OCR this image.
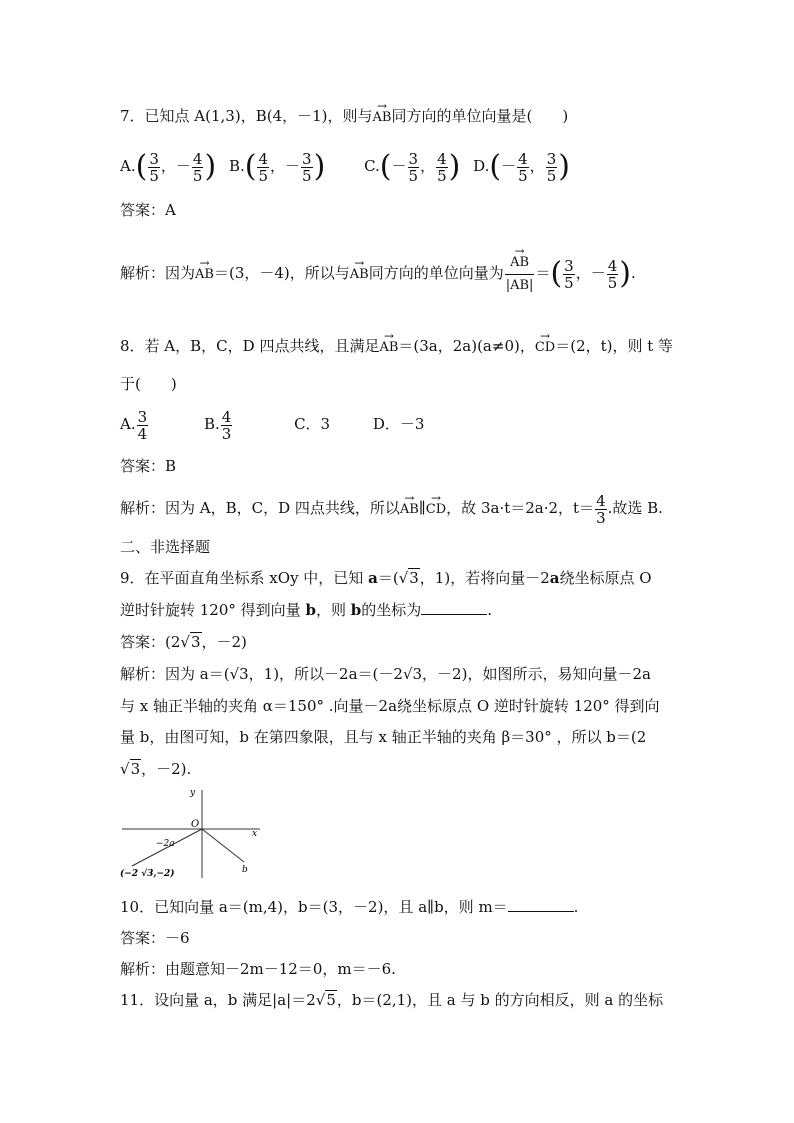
7．已知点 A(1,3)，B(4，－1)，则与→ AB同方向的单位向量是(　　)
$A.( \frac{3}{5}$ ，－ $\frac{4}{5}$ ) $B.( \frac{4}{5}$ ，－ $\frac{3}{5}$ )	$C.(- \frac{3}{5}$ ， $\frac{4}{5}$ ) $D.(- \frac{4}{5}$ ， $\frac{3}{5}$ )
答案：A
解析：因为→ AB＝(3，－4)，所以与→ AB同方向的单位向量为
→ $\frac{AB}{|AB|}$ ＝( $\frac{3}{5}$ ，－ $\frac{4}{5}$ ).
8．若 A，B，C，D 四点共线，且满足→ AB＝(3a，2a)(a≠0)，→ CD＝(2，t)，则 t 等
于(　　)
A. $\frac{3}{4}$	B. $\frac{4}{3}$	C．3	D．－3
答案：B
解析：因为 A，B，C，D 四点共线，所以→ AB∥→ CD，故 3a·t＝2a·2，$t= \frac{4}{3}$ .故选 B.
二、非选择题
9．在平面直角坐标系 xOy 中，已知 a＝(√3，1)，若将向量－2a绕坐标原点 O
逆时针旋转 120° 得到向量 b，则 b的坐标为	.
答案：(2√3，－2)
解析：因为 a＝(√3，1)，所以－2a＝(－2√3，－2)，如图所示，易知向量－2a
与 x 轴正半轴的夹角 α＝150° .向量－2a绕坐标原点 O 逆时针旋转 120° 得到向
量 b，由图可知，b 在第四象限，且与 x 轴正半轴的夹角 β＝30° ，所以 b＝(2
√3，－2).
y
x
O
−2a
b
(−2 √3,−2)
10．已知向量 a＝(m,4)，b＝(3，－2)，且 a∥b，则 m＝	.
答案：－6
解析：由题意知－2m－12＝0，m＝－6.
11．设向量 a，b 满足|a|＝2√5，b＝(2,1)，且 a 与 b 的方向相反，则 a 的坐标
